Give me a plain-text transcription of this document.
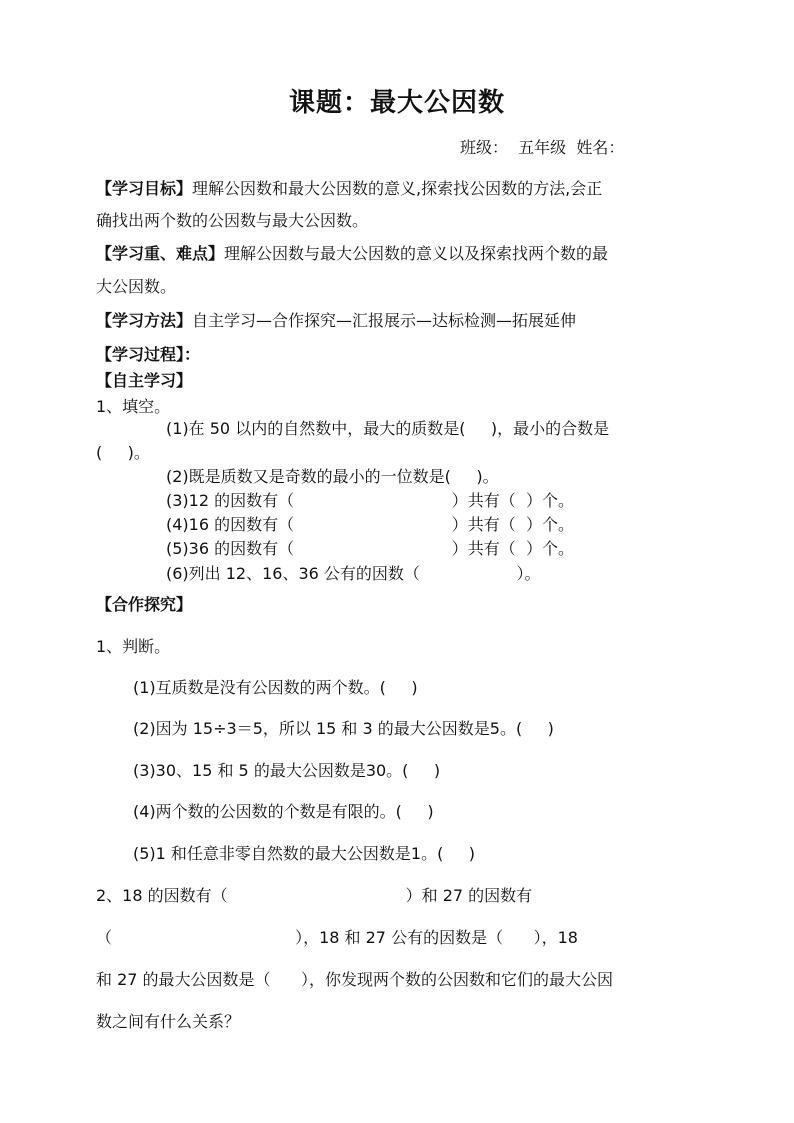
课题：最大公因数
班级：  五年级  姓名：
【学习目标】理解公因数和最大公因数的意义,探索找公因数的方法,会正
确找出两个数的公因数与最大公因数。
【学习重、难点】理解公因数与最大公因数的意义以及探索找两个数的最
大公因数。
【学习方法】自主学习—合作探究—汇报展示—达标检测—拓展延伸
【学习过程】：
【自主学习】
1、填空。
(1)在 50 以内的自然数中，最大的质数是(     )，最小的合数是
(     )。
(2)既是质数又是奇数的最小的一位数是(     )。
(3)12 的因数有（                               ）共有（  ）个。
(4)16 的因数有（                               ）共有（  ）个。
(5)36 的因数有（                               ）共有（  ）个。
(6)列出 12、16、36 公有的因数（                   ）。
【合作探究】
1、判断。
(1)互质数是没有公因数的两个数。(     )
(2)因为 15÷3＝5，所以 15 和 3 的最大公因数是5。(     )
(3)30、15 和 5 的最大公因数是30。(     )
(4)两个数的公因数的个数是有限的。(     )
(5)1 和任意非零自然数的最大公因数是1。(     )
2、18 的因数有（                                   ）和 27 的因数有
（                                    ），18 和 27 公有的因数是（      ），18
和 27 的最大公因数是（      ），你发现两个数的公因数和它们的最大公因
数之间有什么关系？
